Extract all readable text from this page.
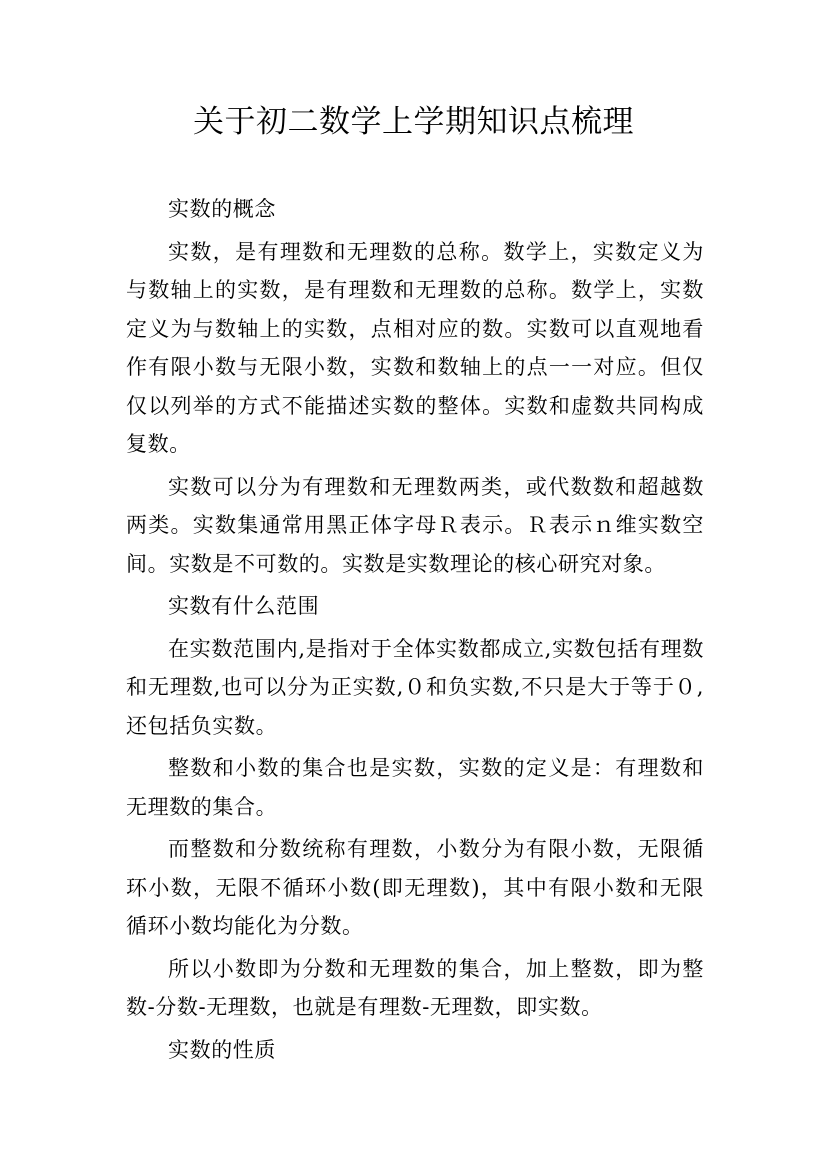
关于初二数学上学期知识点梳理

实数的概念

实数，是有理数和无理数的总称。数学上，实数定义为与数轴上的实数，是有理数和无理数的总称。数学上，实数定义为与数轴上的实数，点相对应的数。实数可以直观地看作有限小数与无限小数，实数和数轴上的点一一对应。但仅仅以列举的方式不能描述实数的整体。实数和虚数共同构成复数。

实数可以分为有理数和无理数两类，或代数数和超越数两类。实数集通常用黑正体字母Ｒ表示。Ｒ表示ｎ维实数空间。实数是不可数的。实数是实数理论的核心研究对象。

实数有什么范围

在实数范围内,是指对于全体实数都成立,实数包括有理数和无理数,也可以分为正实数,０和负实数,不只是大于等于０,还包括负实数。

整数和小数的集合也是实数，实数的定义是：有理数和无理数的集合。

而整数和分数统称有理数，小数分为有限小数，无限循环小数，无限不循环小数(即无理数)，其中有限小数和无限循环小数均能化为分数。

所以小数即为分数和无理数的集合，加上整数，即为整数-分数-无理数，也就是有理数-无理数，即实数。

实数的性质
